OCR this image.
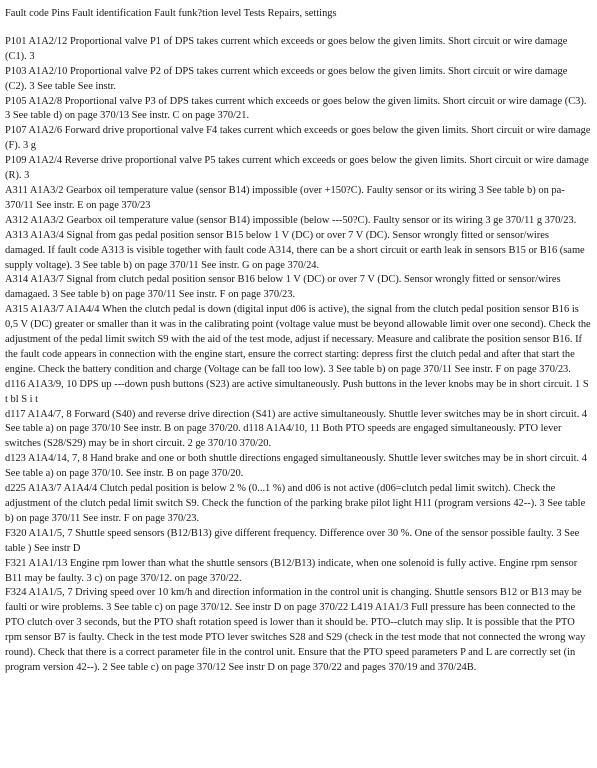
Fault code Pins Fault identification Fault funk?tion level Tests Repairs, settings
P101 A1A2/12 Proportional valve P1 of DPS takes current which exceeds or goes below the given limits. Short circuit or wire damage (C1). 3
P103 A1A2/10 Proportional valve P2 of DPS takes current which exceeds or goes below the given limits. Short circuit or wire damage (C2). 3 See table See instr.
P105 A1A2/8 Proportional valve P3 of DPS takes current which exceeds or goes below the given limits. Short circuit or wire damage (C3). 3 See table d) on page 370/13 See instr. C on page 370/21.
P107 A1A2/6 Forward drive proportional valve F4 takes current which exceeds or goes below the given limits. Short circuit or wire damage (F). 3 g
P109 A1A2/4 Reverse drive proportional valve P5 takes current which exceeds or goes below the given limits. Short circuit or wire damage (R). 3
A311 A1A3/2 Gearbox oil temperature value (sensor B14) impossible (over +150?C). Faulty sensor or its wiring 3 See table b) on pa- 370/11 See instr. E on page 370/23
A312 A1A3/2 Gearbox oil temperature value (sensor B14) impossible (below ---50?C). Faulty sensor or its wiring 3 ge 370/11 g 370/23.
A313 A1A3/4 Signal from gas pedal position sensor B15 below 1 V (DC) or over 7 V (DC). Sensor wrongly fitted or sensor/wires damaged. If fault code A313 is visible together with fault code A314, there can be a short circuit or earth leak in sensors B15 or B16 (same supply voltage). 3 See table b) on page 370/11 See instr. G on page 370/24.
A314 A1A3/7 Signal from clutch pedal position sensor B16 below 1 V (DC) or over 7 V (DC). Sensor wrongly fitted or sensor/wires damagaed. 3 See table b) on page 370/11 See instr. F on page 370/23.
A315 A1A3/7 A1A4/4 When the clutch pedal is down (digital input d06 is active), the signal from the clutch pedal position sensor B16 is 0,5 V (DC) greater or smaller than it was in the calibrating point (voltage value must be beyond allowable limit over one second). Check the adjustment of the pedal limit switch S9 with the aid of the test mode, adjust if necessary. Measure and calibrate the position sensor B16. If the fault code appears in connection with the engine start, ensure the correct starting: depress first the clutch pedal and after that start the engine. Check the battery condition and charge (Voltage can be fall too low). 3 See table b) on page 370/11 See instr. F on page 370/23.
d116 A1A3/9, 10 DPS up ---down push buttons (S23) are active simultaneously. Push buttons in the lever knobs may be in short circuit. 1 S t bl S i t
d117 A1A4/7, 8 Forward (S40) and reverse drive direction (S41) are active simultaneously. Shuttle lever switches may be in short circuit. 4 See table a) on page 370/10 See instr. B on page 370/20. d118 A1A4/10, 11 Both PTO speeds are engaged simultaneously. PTO lever switches (S28/S29) may be in short circuit. 2 ge 370/10 370/20.
d123 A1A4/14, 7, 8 Hand brake and one or both shuttle directions engaged simultaneously. Shuttle lever switches may be in short circuit. 4 See table a) on page 370/10. See instr. B on page 370/20.
d225 A1A3/7 A1A4/4 Clutch pedal position is below 2 % (0...1 %) and d06 is not active (d06=clutch pedal limit switch). Check the adjustment of the clutch pedal limit switch S9. Check the function of the parking brake pilot light H11 (program versions 42--). 3 See table b) on page 370/11 See instr. F on page 370/23.
F320 A1A1/5, 7 Shuttle speed sensors (B12/B13) give different frequency. Difference over 30 %. One of the sensor possible faulty. 3 See table ) See instr D
F321 A1A1/13 Engine rpm lower than what the shuttle sensors (B12/B13) indicate, when one solenoid is fully active. Engine rpm sensor B11 may be faulty. 3 c) on page 370/12. on page 370/22.
F324 A1A1/5, 7 Driving speed over 10 km/h and direction information in the control unit is changing. Shuttle sensors B12 or B13 may be faulti or wire problems. 3 See table c) on page 370/12. See instr D on page 370/22 L419 A1A1/3 Full pressure has been connected to the PTO clutch over 3 seconds, but the PTO shaft rotation speed is lower than it should be. PTO--clutch may slip. It is possible that the PTO rpm sensor B7 is faulty. Check in the test mode PTO lever switches S28 and S29 (check in the test mode that not connected the wrong way round). Check that there is a correct parameter file in the control unit. Ensure that the PTO speed parameters P and L are correctly set (in program version 42--). 2 See table c) on page 370/12 See instr D on page 370/22 and pages 370/19 and 370/24B.
